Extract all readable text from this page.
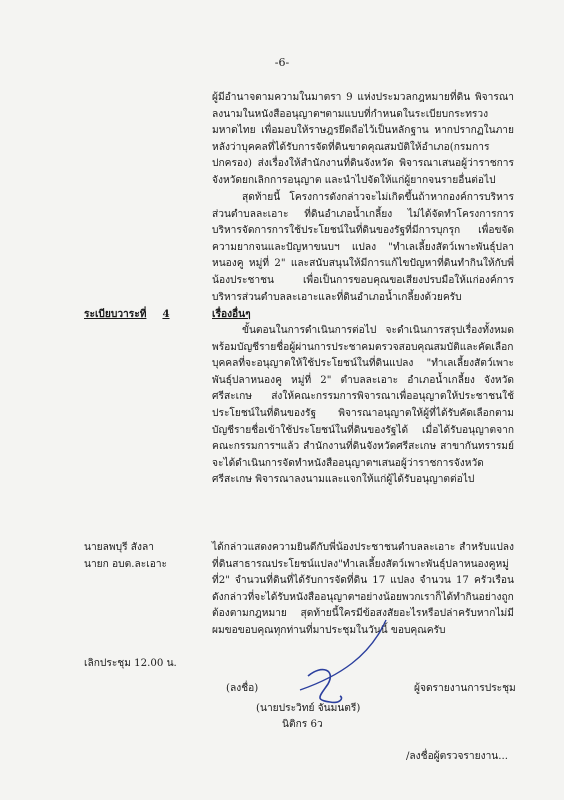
-6-

ผู้มีอำนาจตามความในมาตรา 9 แห่งประมวลกฎหมายที่ดิน พิจารณาลงนามในหนังสืออนุญาตฯตามแบบที่กำหนดในระเบียบกระทรวงมหาดไทย เพื่อมอบให้ราษฎรยึดถือไว้เป็นหลักฐาน หากปรากฏในภายหลังว่าบุคคลที่ได้รับการจัดที่ดินขาดคุณสมบัติให้อำเภอ(กรมการปกครอง) ส่งเรื่องให้สำนักงานที่ดินจังหวัด พิจารณาเสนอผู้ว่าราชการจังหวัดยกเลิกการอนุญาต และนำไปจัดให้แก่ผู้ยากจนรายอื่นต่อไป

สุดท้ายนี้ โครงการดังกล่าวจะไม่เกิดขึ้นถ้าหากองค์การบริหารส่วนตำบลละเอาะ ที่ดินอำเภอน้ำเกลี้ยง ไม่ได้จัดทำโครงการการบริหารจัดการการใช้ประโยชน์ในที่ดินของรัฐที่มีการบุกรุก เพื่อขจัดความยากจนและปัญหาขนบฯ แปลง "ทำเลเลี้ยงสัตว์เพาะพันธุ์ปลา หนองคู หมู่ที่ 2" และสนับสนุนให้มีการแก้ไขปัญหาที่ดินทำกินให้กับพี่น้องประชาชน เพื่อเป็นการขอบคุณขอเสียงปรบมือให้แก่องค์การบริหารส่วนตำบลละเอาะและที่ดินอำเภอน้ำเกลี้ยงด้วยครับ

ระเบียบวาระที่ 4	เรื่องอื่นๆ

ขั้นตอนในการดำเนินการต่อไป จะดำเนินการสรุปเรื่องทั้งหมด พร้อมบัญชีรายชื่อผู้ผ่านการประชาคมตรวจสอบคุณสมบัติและคัดเลือกบุคคลที่จะอนุญาตให้ใช้ประโยชน์ในที่ดินแปลง "ทำเลเลี้ยงสัตว์เพาะพันธุ์ปลาหนองคู หมู่ที่ 2" ตำบลละเอาะ อำเภอน้ำเกลี้ยง จังหวัดศรีสะเกษ ส่งให้คณะกรรมการพิจารณาเพื่ออนุญาตให้ประชาชนใช้ประโยชน์ในที่ดินของรัฐ พิจารณาอนุญาตให้ผู้ที่ได้รับคัดเลือกตามบัญชีรายชื่อเข้าใช้ประโยชน์ในที่ดินของรัฐได้ เมื่อได้รับอนุญาตจากคณะกรรมการฯแล้ว สำนักงานที่ดินจังหวัดศรีสะเกษ สาขากันทรารมย์ จะได้ดำเนินการจัดทำหนังสืออนุญาตฯเสนอผู้ว่าราชการจังหวัดศรีสะเกษ พิจารณาลงนามและแจกให้แก่ผู้ได้รับอนุญาตต่อไป

นายลพบุรี สังลา
นายก อบต.ละเอาะ

ได้กล่าวแสดงความยินดีกับพี่น้องประชาชนตำบลละเอาะ สำหรับแปลงที่ดินสาธารณประโยชน์แปลง"ทำเลเลี้ยงสัตว์เพาะพันธุ์ปลาหนองคูหมู่ที่2" จำนวนที่ดินที่ได้รับการจัดที่ดิน 17 แปลง จำนวน 17 ครัวเรือนดังกล่าวที่จะได้รับหนังสืออนุญาตฯอย่างน้อยพวกเราก็ได้ทำกินอย่างถูกต้องตามกฎหมาย สุดท้ายนี้ใครมีข้อสงสัยอะไรหรือปล่าครับหากไม่มีผมขอขอบคุณทุกท่านที่มาประชุมในวันนี้ ขอบคุณครับ

เลิกประชุม 12.00 น.
(ลงชื่อ)	ผู้จดรายงานการประชุม
(นายประวิทย์ จันมนตรี)
นิติกร 6ว
/ลงชื่อผู้ตรวจรายงาน...
